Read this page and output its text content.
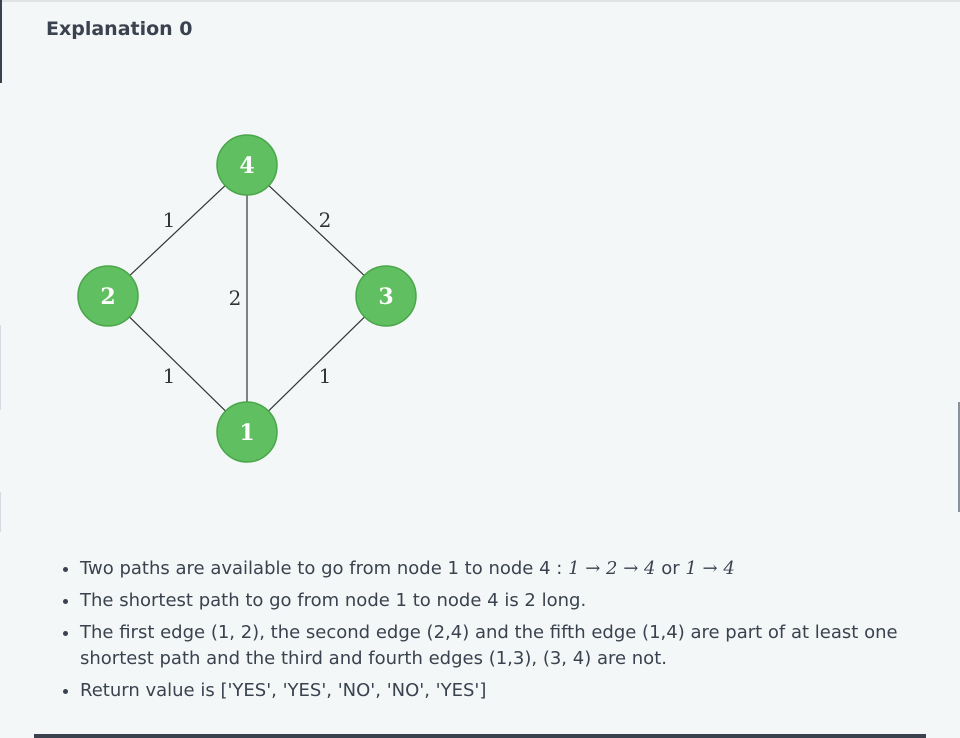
Explanation 0
1	2
2
1	1
4
2	3
1
• Two paths are available to go from node 1 to node 4 : 1 → 2 → 4 or 1 → 4
• The shortest path to go from node 1 to node 4 is 2 long.
• The first edge (1, 2), the second edge (2,4) and the fifth edge (1,4) are part of at least one shortest path and the third and fourth edges (1,3), (3, 4) are not.
• Return value is ['YES', 'YES', 'NO', 'NO', 'YES']
